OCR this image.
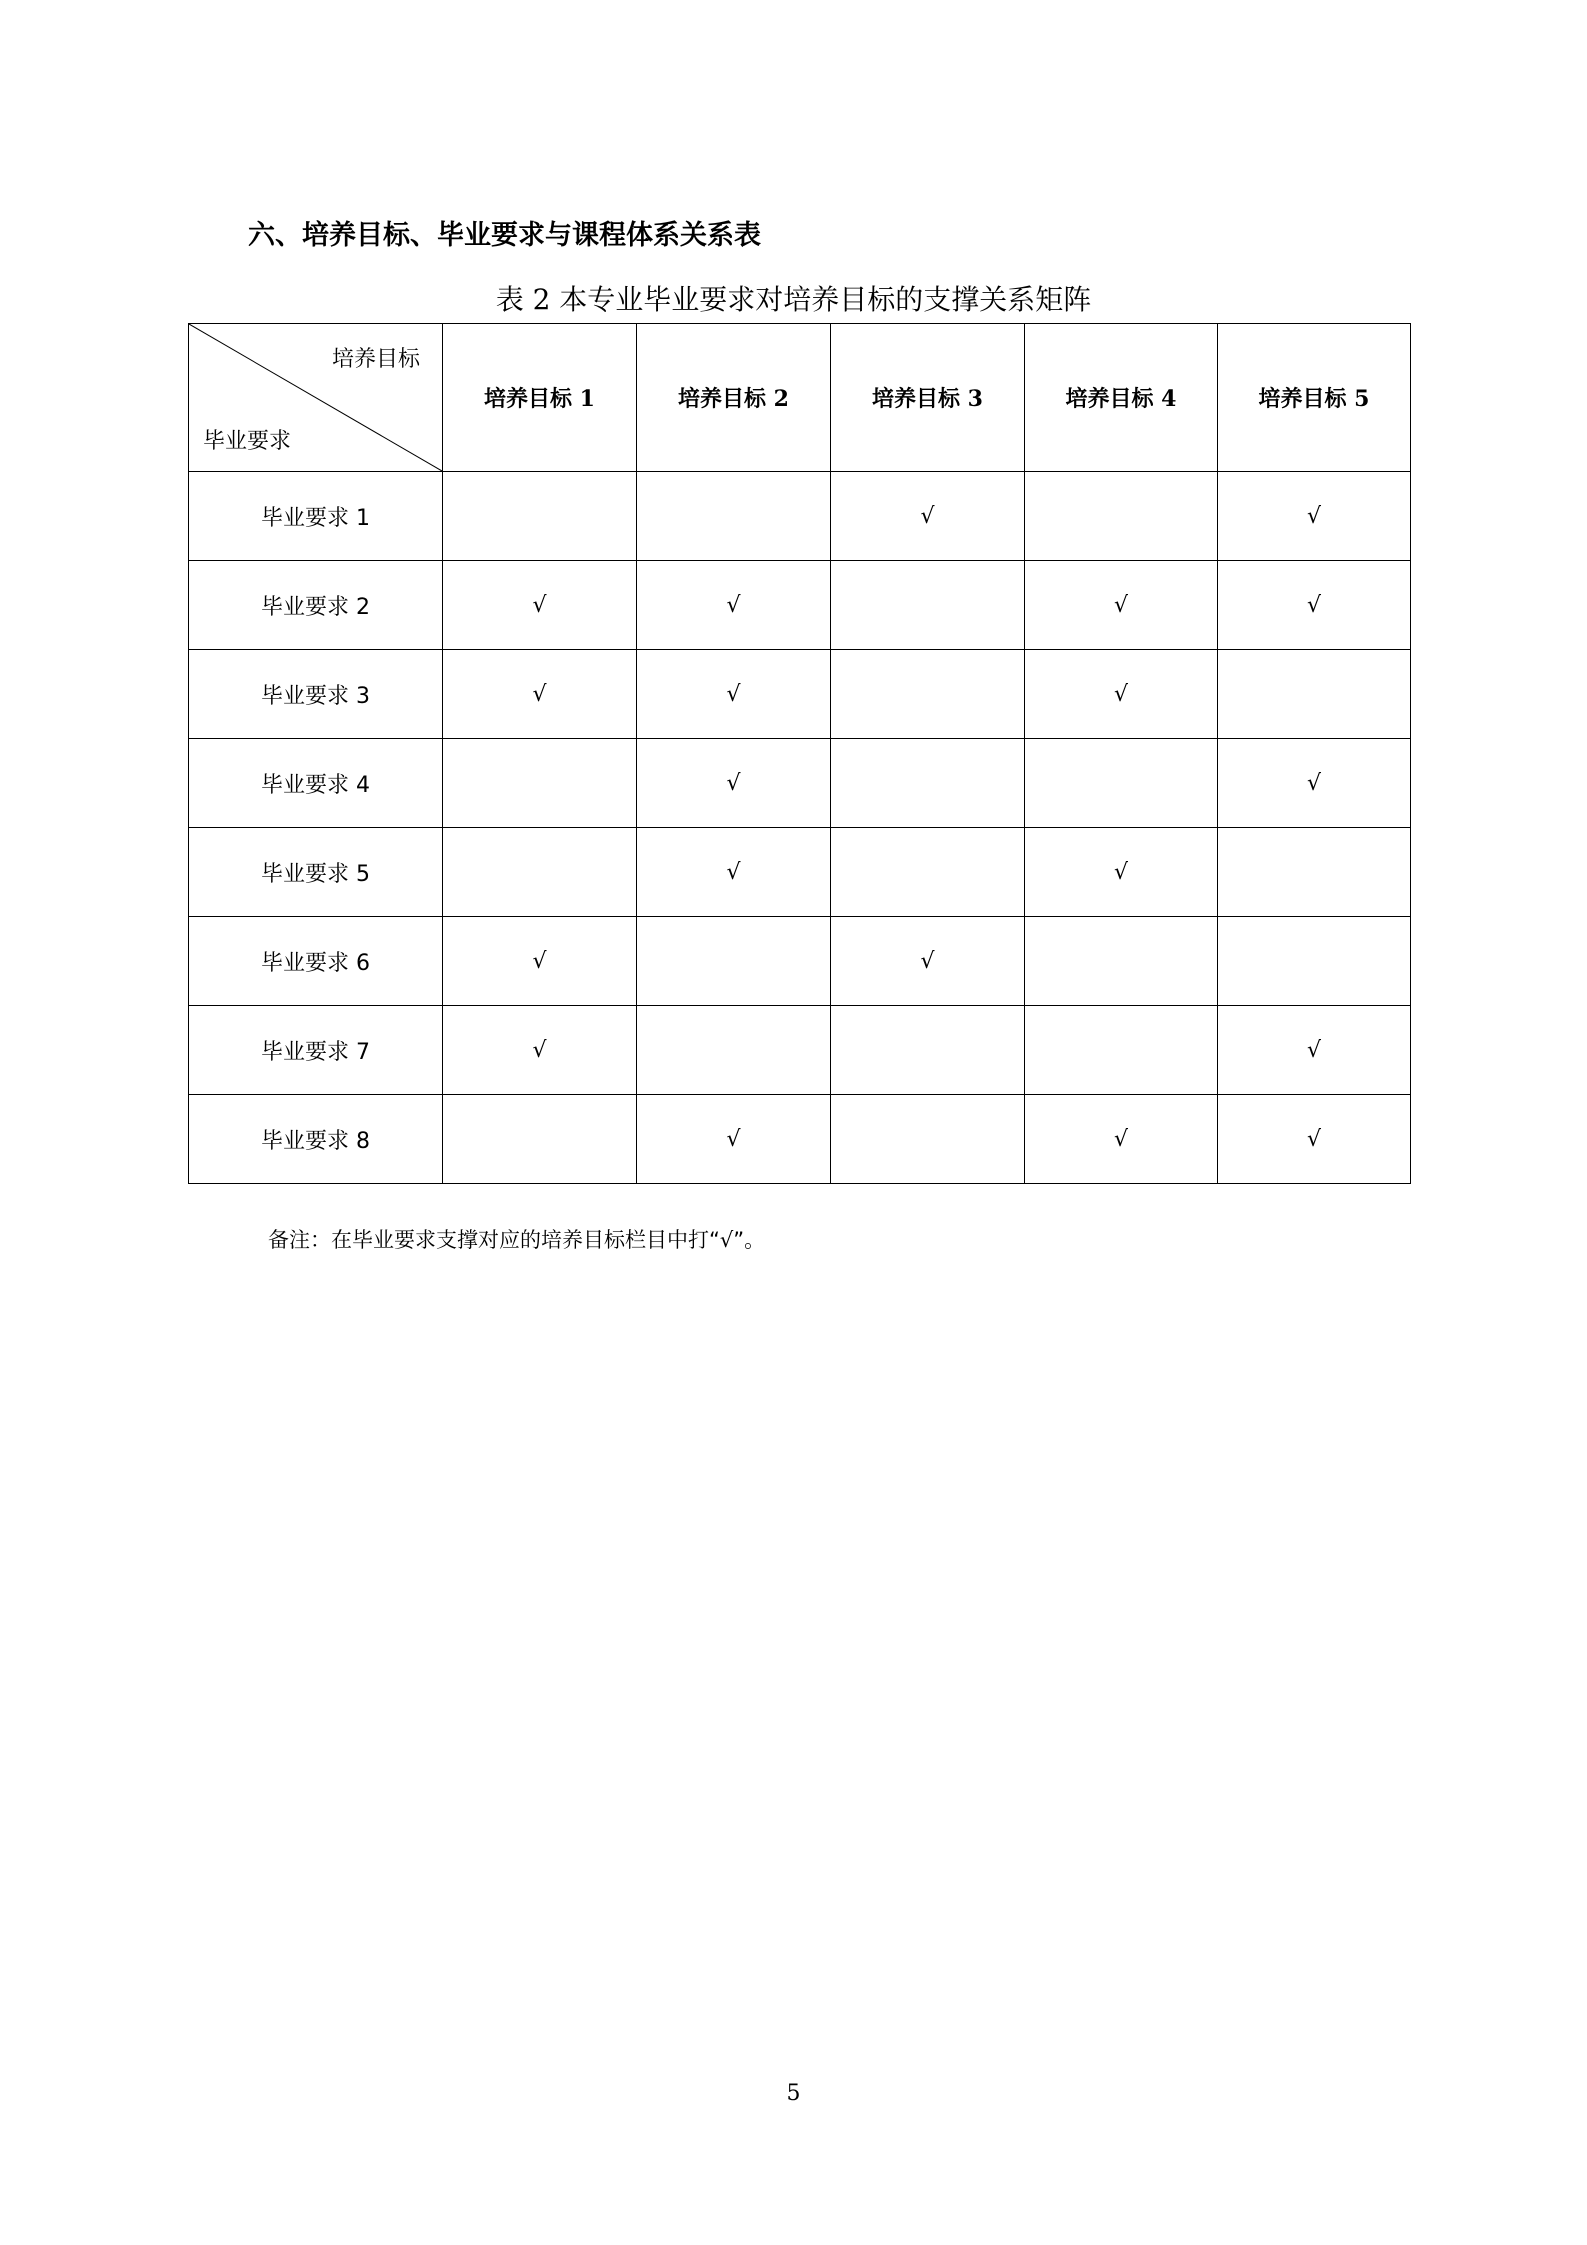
六、培养目标、毕业要求与课程体系关系表
表 2 本专业毕业要求对培养目标的支撑关系矩阵
培养目标
毕业要求	培养目标 1	培养目标 2	培养目标 3	培养目标 4	培养目标 5
毕业要求 1			√		√
毕业要求 2	√	√		√	√
毕业要求 3	√	√		√	
毕业要求 4		√			√
毕业要求 5		√		√	
毕业要求 6	√		√		
毕业要求 7	√				√
毕业要求 8		√		√	√
备注：在毕业要求支撑对应的培养目标栏目中打“√”。
5
